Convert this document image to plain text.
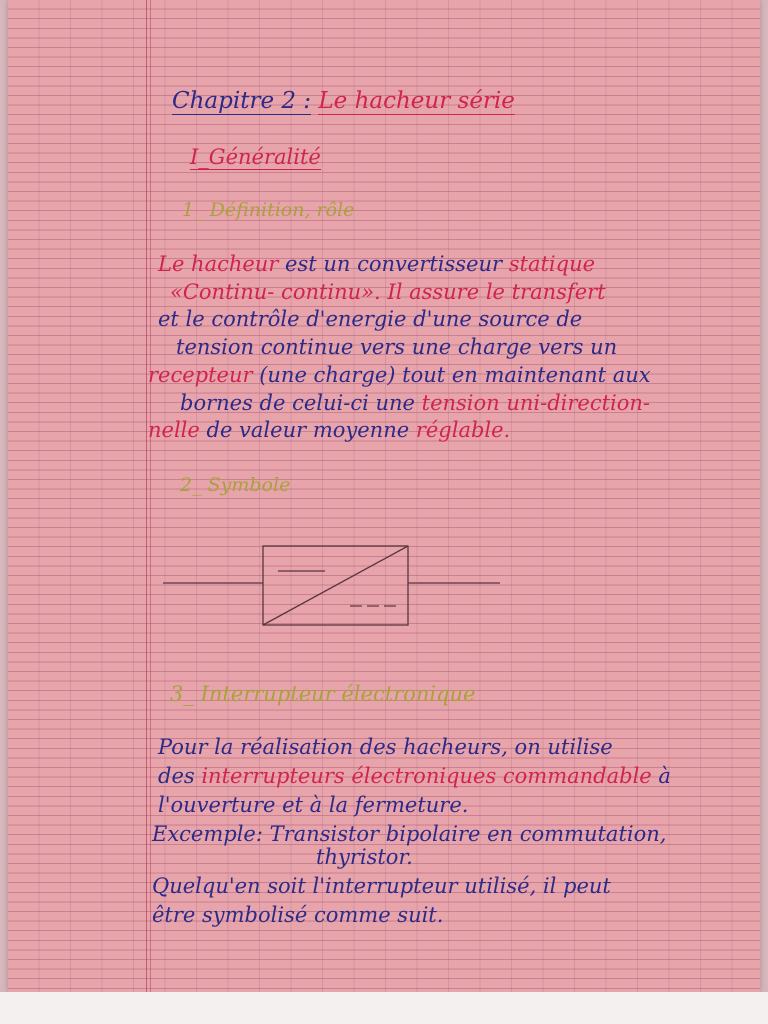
Chapitre 2 : Le hacheur série
I_Généralité
1_ Définition, rôle
Le hacheur est un convertisseur statique
«Continu- continu». Il assure le transfert
et le contrôle d'energie d'une source de
tension continue vers une charge vers un
recepteur (une charge) tout en maintenant aux
bornes de celui-ci une tension uni-direction-
nelle de valeur moyenne réglable.
2_ Symbole
3_ Interrupteur électronique
Pour la réalisation des hacheurs, on utilise
des interrupteurs électroniques commandable à
l'ouverture et à la fermeture.
Excemple: Transistor bipolaire en commutation,
thyristor.
Quelqu'en soit l'interrupteur utilisé, il peut
être symbolisé comme suit.
